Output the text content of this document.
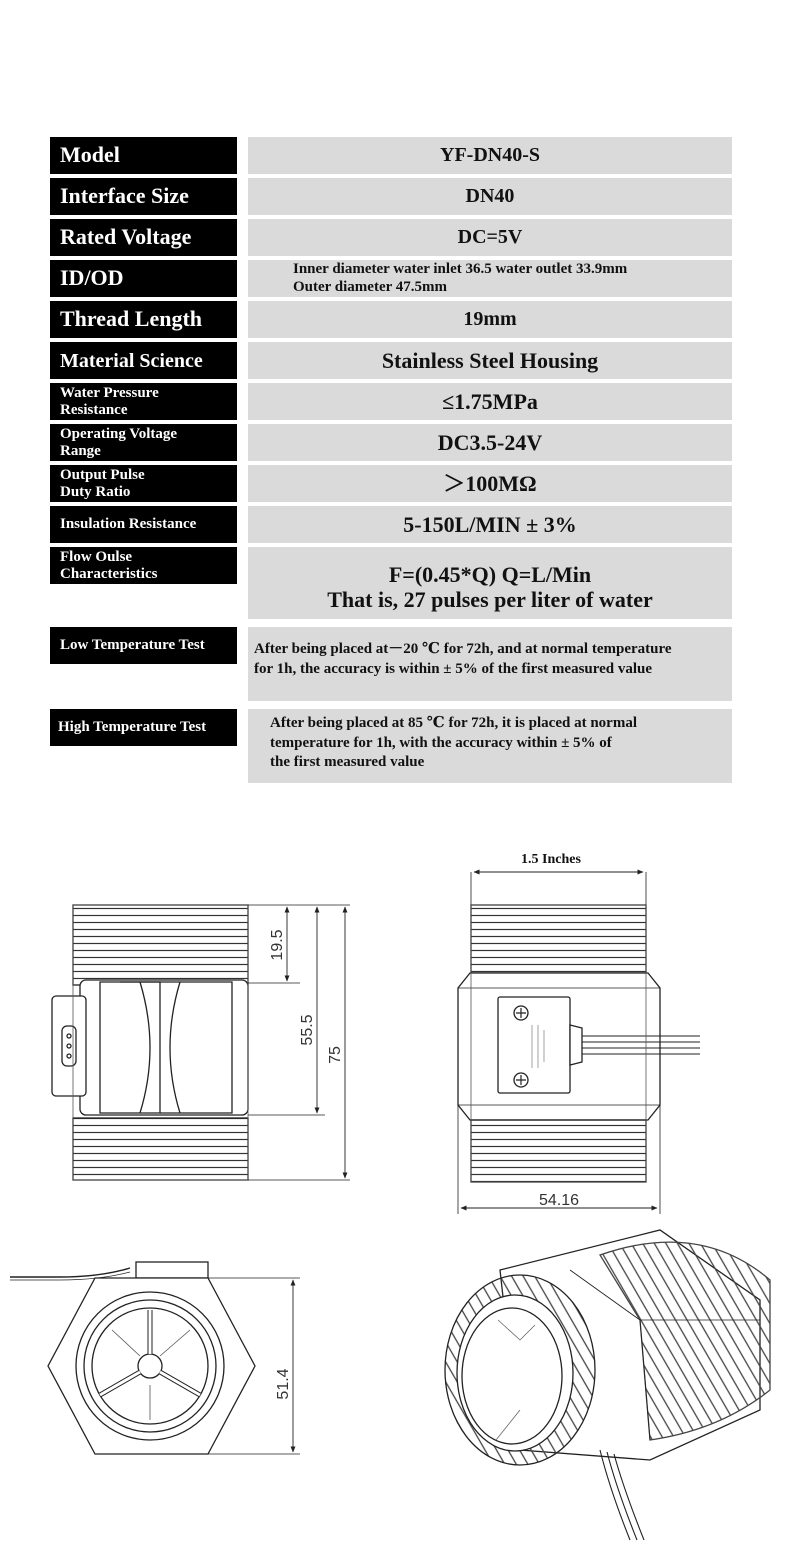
Model	YF-DN40-S
Interface Size	DN40
Rated Voltage	DC=5V
ID/OD	Inner diameter water inlet 36.5 water outlet 33.9mm
Outer diameter 47.5mm
Thread Length	19mm
Material Science	Stainless Steel Housing
Water Pressure
Resistance	≤1.75MPa
Operating Voltage
Range	DC3.5-24V
Output Pulse
Duty Ratio	＞100MΩ
Insulation Resistance	5-150L/MIN ± 3%
Flow Oulse
Characteristics	F=(0.45*Q) Q=L/Min
That is, 27 pulses per liter of water
Low Temperature Test	After being placed at－20 ℃ for 72h, and at normal temperature
for 1h, the accuracy is within ± 5% of the first measured value
High Temperature Test	After being placed at 85 ℃ for 72h, it is placed at normal
temperature for 1h, with the accuracy within ± 5% of
the first measured value
19.5
55.5
75
1.5 Inches
54.16
51.4
